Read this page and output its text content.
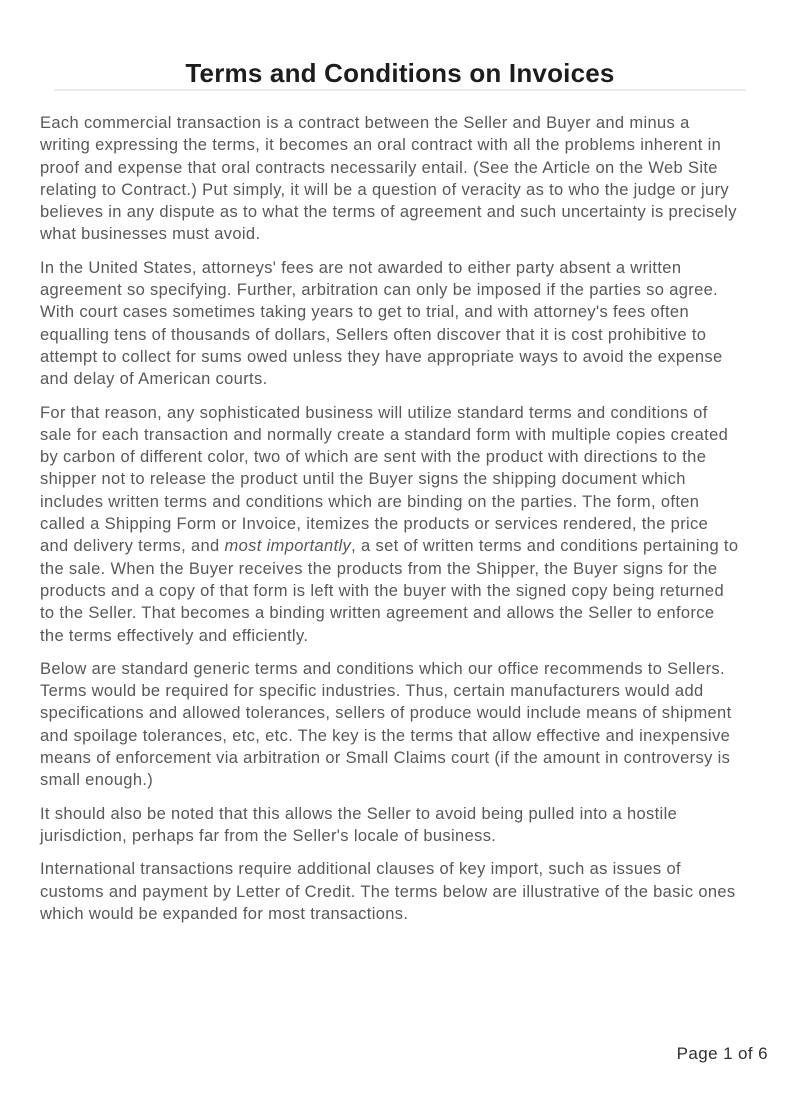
Terms and Conditions on Invoices

Each commercial transaction is a contract between the Seller and Buyer and minus a writing expressing the terms, it becomes an oral contract with all the problems inherent in proof and expense that oral contracts necessarily entail. (See the Article on the Web Site relating to Contract.) Put simply, it will be a question of veracity as to who the judge or jury believes in any dispute as to what the terms of agreement and such uncertainty is precisely what businesses must avoid.

In the United States, attorneys' fees are not awarded to either party absent a written agreement so specifying. Further, arbitration can only be imposed if the parties so agree. With court cases sometimes taking years to get to trial, and with attorney's fees often equalling tens of thousands of dollars, Sellers often discover that it is cost prohibitive to attempt to collect for sums owed unless they have appropriate ways to avoid the expense and delay of American courts.

For that reason, any sophisticated business will utilize standard terms and conditions of sale for each transaction and normally create a standard form with multiple copies created by carbon of different color, two of which are sent with the product with directions to the shipper not to release the product until the Buyer signs the shipping document which includes written terms and conditions which are binding on the parties. The form, often called a Shipping Form or Invoice, itemizes the products or services rendered, the price and delivery terms, and most importantly, a set of written terms and conditions pertaining to the sale. When the Buyer receives the products from the Shipper, the Buyer signs for the products and a copy of that form is left with the buyer with the signed copy being returned to the Seller. That becomes a binding written agreement and allows the Seller to enforce the terms effectively and efficiently.

Below are standard generic terms and conditions which our office recommends to Sellers. Terms would be required for specific industries. Thus, certain manufacturers would add specifications and allowed tolerances, sellers of produce would include means of shipment and spoilage tolerances, etc, etc. The key is the terms that allow effective and inexpensive means of enforcement via arbitration or Small Claims court (if the amount in controversy is small enough.)

It should also be noted that this allows the Seller to avoid being pulled into a hostile jurisdiction, perhaps far from the Seller's locale of business.

International transactions require additional clauses of key import, such as issues of customs and payment by Letter of Credit. The terms below are illustrative of the basic ones which would be expanded for most transactions.

Page 1 of 6
